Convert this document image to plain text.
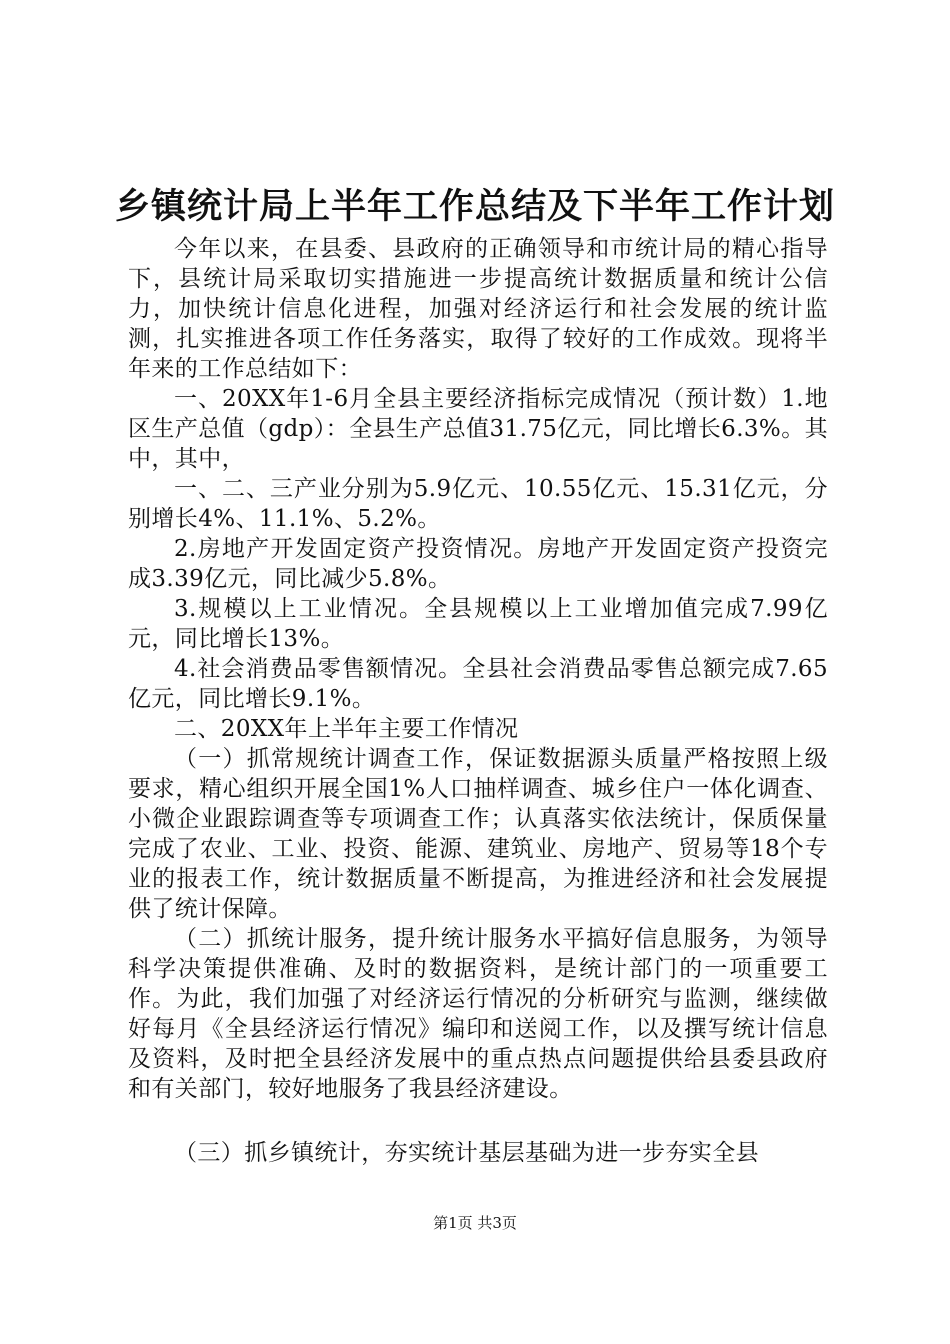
乡镇统计局上半年工作总结及下半年工作计划

今年以来，在县委、县政府的正确领导和市统计局的精心指导下，县统计局采取切实措施进一步提高统计数据质量和统计公信力，加快统计信息化进程，加强对经济运行和社会发展的统计监测，扎实推进各项工作任务落实，取得了较好的工作成效。现将半年来的工作总结如下：

一、20XX年1-6月全县主要经济指标完成情况（预计数）1.地区生产总值（gdp）：全县生产总值31.75亿元，同比增长6.3%。其中，其中，

一、二、三产业分别为5.9亿元、10.55亿元、15.31亿元，分别增长4%、11.1%、5.2%。

2.房地产开发固定资产投资情况。房地产开发固定资产投资完成3.39亿元，同比减少5.8%。

3.规模以上工业情况。全县规模以上工业增加值完成7.99亿元，同比增长13%。

4.社会消费品零售额情况。全县社会消费品零售总额完成7.65亿元，同比增长9.1%。

二、20XX年上半年主要工作情况

（一）抓常规统计调查工作，保证数据源头质量严格按照上级要求，精心组织开展全国1%人口抽样调查、城乡住户一体化调查、小微企业跟踪调查等专项调查工作；认真落实依法统计，保质保量完成了农业、工业、投资、能源、建筑业、房地产、贸易等18个专业的报表工作，统计数据质量不断提高，为推进经济和社会发展提供了统计保障。

（二）抓统计服务，提升统计服务水平搞好信息服务，为领导科学决策提供准确、及时的数据资料，是统计部门的一项重要工作。为此，我们加强了对经济运行情况的分析研究与监测，继续做好每月《全县经济运行情况》编印和送阅工作，以及撰写统计信息及资料，及时把全县经济发展中的重点热点问题提供给县委县政府和有关部门，较好地服务了我县经济建设。

（三）抓乡镇统计，夯实统计基层基础为进一步夯实全县

第1页 共3页
